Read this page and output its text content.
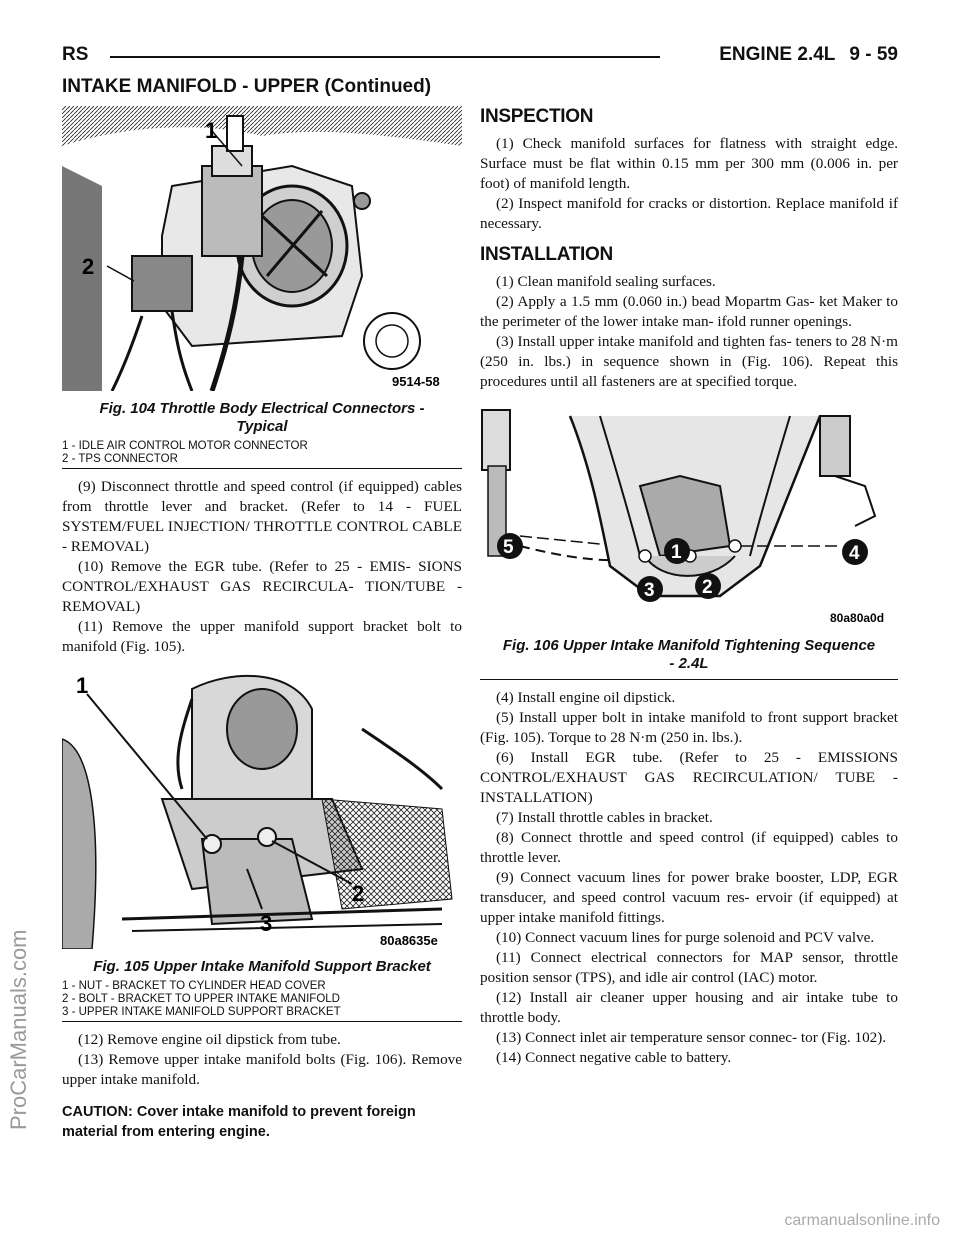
RS	ENGINE 2.4L 9 - 59
INTAKE MANIFOLD - UPPER (Continued)
1
2
9514-58
Fig. 104 Throttle Body Electrical Connectors -
Typical
1 - IDLE AIR CONTROL MOTOR CONNECTOR
2 - TPS CONNECTOR

(9) Disconnect throttle and speed control (if equipped) cables from throttle lever and bracket. (Refer to 14 - FUEL SYSTEM/FUEL INJECTION/ THROTTLE CONTROL CABLE - REMOVAL)

(10) Remove the EGR tube. (Refer to 25 - EMIS- SIONS CONTROL/EXHAUST GAS RECIRCULA- TION/TUBE - REMOVAL)

(11) Remove the upper manifold support bracket bolt to manifold (Fig. 105).

1
2
3
80a8635e
Fig. 105 Upper Intake Manifold Support Bracket
1 - NUT - BRACKET TO CYLINDER HEAD COVER
2 - BOLT - BRACKET TO UPPER INTAKE MANIFOLD
3 - UPPER INTAKE MANIFOLD SUPPORT BRACKET

(12) Remove engine oil dipstick from tube.

(13) Remove upper intake manifold bolts (Fig. 106). Remove upper intake manifold.

CAUTION: Cover intake manifold to prevent foreign material from entering engine.

INSPECTION

(1) Check manifold surfaces for flatness with straight edge. Surface must be flat within 0.15 mm per 300 mm (0.006 in. per foot) of manifold length.

(2) Inspect manifold for cracks or distortion. Replace manifold if necessary.

INSTALLATION

(1) Clean manifold sealing surfaces.

(2) Apply a 1.5 mm (0.060 in.) bead Mopartm Gas- ket Maker to the perimeter of the lower intake man- ifold runner openings.

(3) Install upper intake manifold and tighten fas- teners to 28 N·m (250 in. lbs.) in sequence shown in (Fig. 106). Repeat this procedures until all fasteners are at specified torque.

5	1
2
3
4
80a80a0d
Fig. 106 Upper Intake Manifold Tightening Sequence
- 2.4L

(4) Install engine oil dipstick.

(5) Install upper bolt in intake manifold to front support bracket (Fig. 105). Torque to 28 N·m (250 in. lbs.).

(6) Install EGR tube. (Refer to 25 - EMISSIONS CONTROL/EXHAUST GAS RECIRCULATION/ TUBE - INSTALLATION)

(7) Install throttle cables in bracket.

(8) Connect throttle and speed control (if equipped) cables to throttle lever.

(9) Connect vacuum lines for power brake booster, LDP, EGR transducer, and speed control vacuum res- ervoir (if equipped) at upper intake manifold fittings.

(10) Connect vacuum lines for purge solenoid and PCV valve.

(11) Connect electrical connectors for MAP sensor, throttle position sensor (TPS), and idle air control (IAC) motor.

(12) Install air cleaner upper housing and air intake tube to throttle body.

(13) Connect inlet air temperature sensor connec- tor (Fig. 102).

(14) Connect negative cable to battery.

ProCarManuals.com
carmanualsonline.info
